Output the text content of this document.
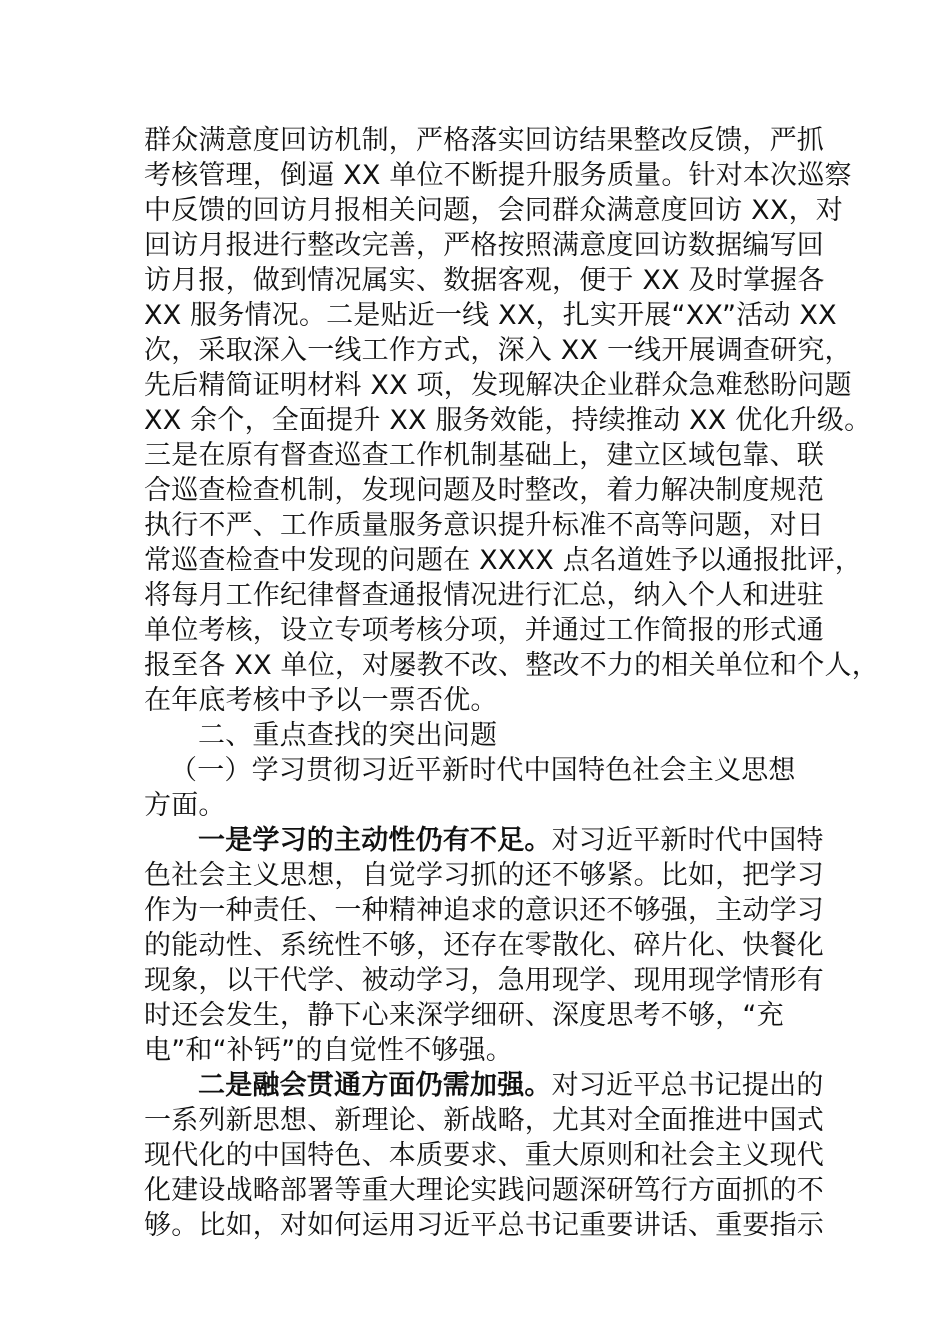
群众满意度回访机制，严格落实回访结果整改反馈，严抓
考核管理，倒逼 XX 单位不断提升服务质量。针对本次巡察
中反馈的回访月报相关问题，会同群众满意度回访 XX，对
回访月报进行整改完善，严格按照满意度回访数据编写回
访月报，做到情况属实、数据客观，便于 XX 及时掌握各
XX 服务情况。二是贴近一线 XX，扎实开展“XX”活动 XX
次，采取深入一线工作方式，深入 XX 一线开展调查研究，
先后精简证明材料 XX 项，发现解决企业群众急难愁盼问题
XX 余个，全面提升 XX 服务效能，持续推动 XX 优化升级。
三是在原有督查巡查工作机制基础上，建立区域包靠、联
合巡查检查机制，发现问题及时整改，着力解决制度规范
执行不严、工作质量服务意识提升标准不高等问题，对日
常巡查检查中发现的问题在 XXXX 点名道姓予以通报批评，
将每月工作纪律督查通报情况进行汇总，纳入个人和进驻
单位考核，设立专项考核分项，并通过工作简报的形式通
报至各 XX 单位，对屡教不改、整改不力的相关单位和个人，
在年底考核中予以一票否优。
二、重点查找的突出问题
（一）学习贯彻习近平新时代中国特色社会主义思想
方面。
一是学习的主动性仍有不足。对习近平新时代中国特
色社会主义思想，自觉学习抓的还不够紧。比如，把学习
作为一种责任、一种精神追求的意识还不够强，主动学习
的能动性、系统性不够，还存在零散化、碎片化、快餐化
现象，以干代学、被动学习，急用现学、现用现学情形有
时还会发生，静下心来深学细研、深度思考不够，“充
电”和“补钙”的自觉性不够强。
二是融会贯通方面仍需加强。对习近平总书记提出的
一系列新思想、新理论、新战略，尤其对全面推进中国式
现代化的中国特色、本质要求、重大原则和社会主义现代
化建设战略部署等重大理论实践问题深研笃行方面抓的不
够。比如，对如何运用习近平总书记重要讲话、重要指示
